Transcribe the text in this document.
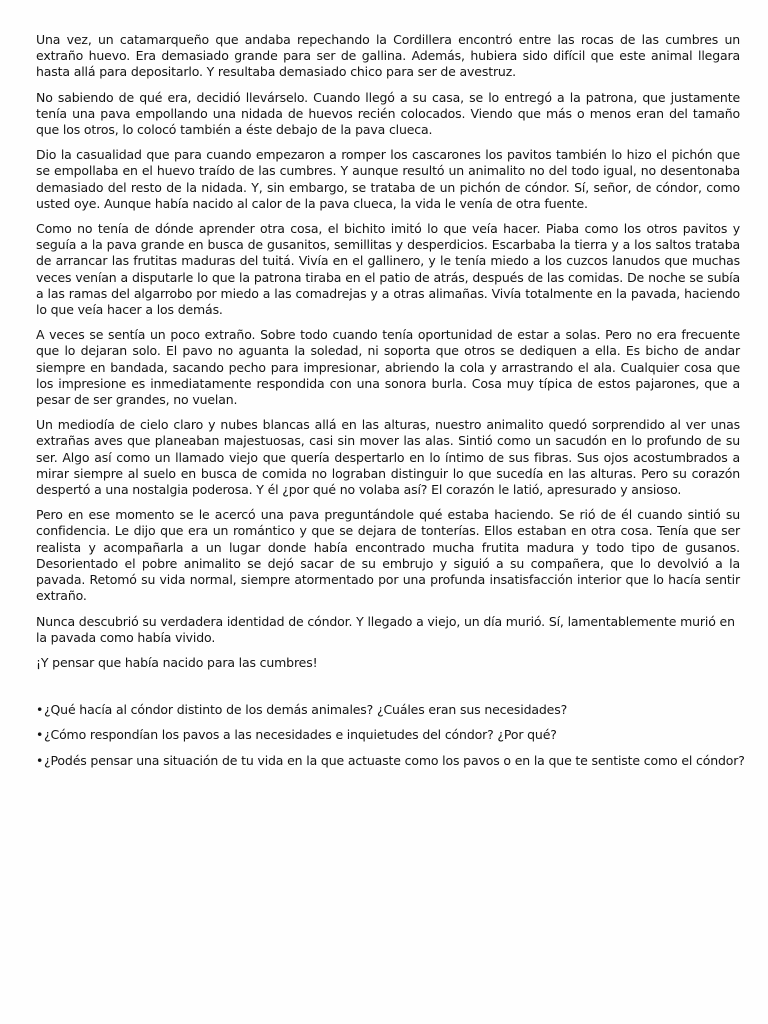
Una vez, un catamarqueño que andaba repechando la Cordillera encontró entre las rocas de las cumbres un extraño huevo. Era demasiado grande para ser de gallina. Además, hubiera sido difícil que este animal llegara hasta allá para depositarlo. Y resultaba demasiado chico para ser de avestruz.

No sabiendo de qué era, decidió llevárselo. Cuando llegó a su casa, se lo entregó a la patrona, que justamente tenía una pava empollando una nidada de huevos recién colocados. Viendo que más o menos eran del tamaño que los otros, lo colocó también a éste debajo de la pava clueca.

Dio la casualidad que para cuando empezaron a romper los cascarones los pavitos también lo hizo el pichón que se empollaba en el huevo traído de las cumbres. Y aunque resultó un animalito no del todo igual, no desentonaba demasiado del resto de la nidada. Y, sin embargo, se trataba de un pichón de cóndor. Sí, señor, de cóndor, como usted oye. Aunque había nacido al calor de la pava clueca, la vida le venía de otra fuente.

Como no tenía de dónde aprender otra cosa, el bichito imitó lo que veía hacer. Piaba como los otros pavitos y seguía a la pava grande en busca de gusanitos, semillitas y desperdicios. Escarbaba la tierra y a los saltos trataba de arrancar las frutitas maduras del tuitá. Vivía en el gallinero, y le tenía miedo a los cuzcos lanudos que muchas veces venían a disputarle lo que la patrona tiraba en el patio de atrás, después de las comidas. De noche se subía a las ramas del algarrobo por miedo a las comadrejas y a otras alimañas. Vivía totalmente en la pavada, haciendo lo que veía hacer a los demás.

A veces se sentía un poco extraño. Sobre todo cuando tenía oportunidad de estar a solas. Pero no era frecuente que lo dejaran solo. El pavo no aguanta la soledad, ni soporta que otros se dediquen a ella. Es bicho de andar siempre en bandada, sacando pecho para impresionar, abriendo la cola y arrastrando el ala. Cualquier cosa que los impresione es inmediatamente respondida con una sonora burla. Cosa muy típica de estos pajarones, que a pesar de ser grandes, no vuelan.

Un mediodía de cielo claro y nubes blancas allá en las alturas, nuestro animalito quedó sorprendido al ver unas extrañas aves que planeaban majestuosas, casi sin mover las alas. Sintió como un sacudón en lo profundo de su ser. Algo así como un llamado viejo que quería despertarlo en lo íntimo de sus fibras. Sus ojos acostumbrados a mirar siempre al suelo en busca de comida no lograban distinguir lo que sucedía en las alturas. Pero su corazón despertó a una nostalgia poderosa. Y él ¿por qué no volaba así? El corazón le latió, apresurado y ansioso.

Pero en ese momento se le acercó una pava preguntándole qué estaba haciendo. Se rió de él cuando sintió su confidencia. Le dijo que era un romántico y que se dejara de tonterías. Ellos estaban en otra cosa. Tenía que ser realista y acompañarla a un lugar donde había encontrado mucha frutita madura y todo tipo de gusanos. Desorientado el pobre animalito se dejó sacar de su embrujo y siguió a su compañera, que lo devolvió a la pavada. Retomó su vida normal, siempre atormentado por una profunda insatisfacción interior que lo hacía sentir extraño.

Nunca descubrió su verdadera identidad de cóndor. Y llegado a viejo, un día murió. Sí, lamentablemente murió en la pavada como había vivido.

¡Y pensar que había nacido para las cumbres!

•¿Qué hacía al cóndor distinto de los demás animales? ¿Cuáles eran sus necesidades?

•¿Cómo respondían los pavos a las necesidades e inquietudes del cóndor? ¿Por qué?

•¿Podés pensar una situación de tu vida en la que actuaste como los pavos o en la que te sentiste como el cóndor?
